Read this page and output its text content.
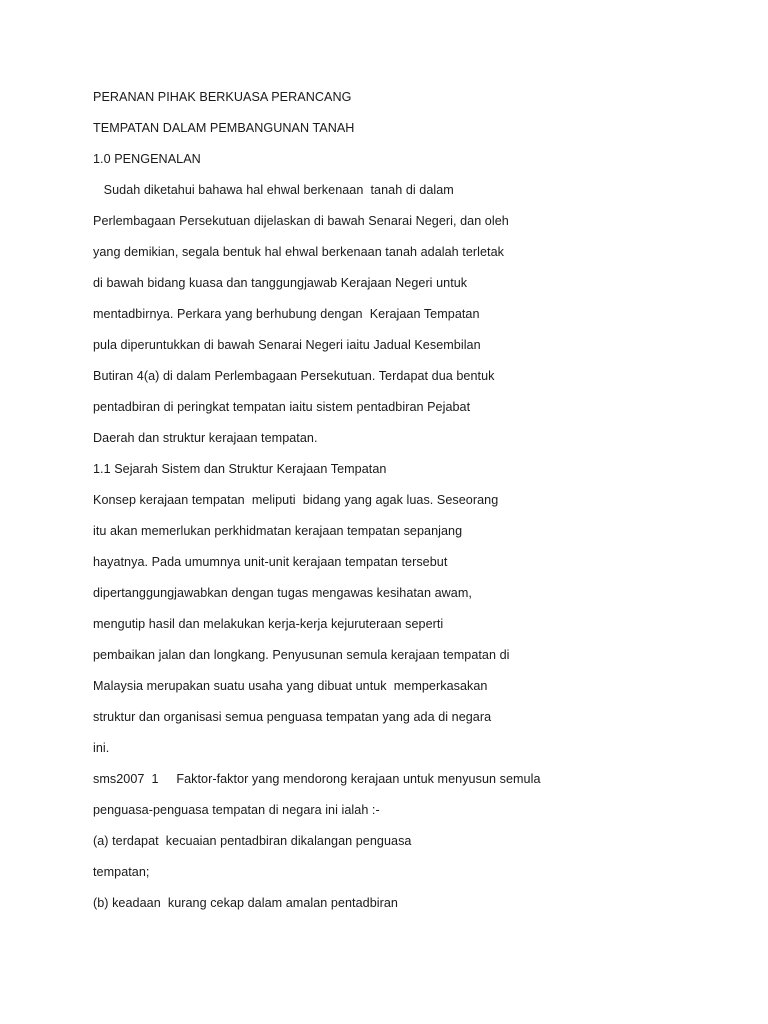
PERANAN PIHAK BERKUASA PERANCANG
TEMPATAN DALAM PEMBANGUNAN TANAH
1.0 PENGENALAN
Sudah diketahui bahawa hal ehwal berkenaan  tanah di dalam
Perlembagaan Persekutuan dijelaskan di bawah Senarai Negeri, dan oleh
yang demikian, segala bentuk hal ehwal berkenaan tanah adalah terletak
di bawah bidang kuasa dan tanggungjawab Kerajaan Negeri untuk
mentadbirnya. Perkara yang berhubung dengan  Kerajaan Tempatan
pula diperuntukkan di bawah Senarai Negeri iaitu Jadual Kesembilan
Butiran 4(a) di dalam Perlembagaan Persekutuan. Terdapat dua bentuk
pentadbiran di peringkat tempatan iaitu sistem pentadbiran Pejabat
Daerah dan struktur kerajaan tempatan.
1.1 Sejarah Sistem dan Struktur Kerajaan Tempatan
Konsep kerajaan tempatan  meliputi  bidang yang agak luas. Seseorang
itu akan memerlukan perkhidmatan kerajaan tempatan sepanjang
hayatnya. Pada umumnya unit-unit kerajaan tempatan tersebut
dipertanggungjawabkan dengan tugas mengawas kesihatan awam,
mengutip hasil dan melakukan kerja-kerja kejuruteraan seperti
pembaikan jalan dan longkang. Penyusunan semula kerajaan tempatan di
Malaysia merupakan suatu usaha yang dibuat untuk  memperkasakan
struktur dan organisasi semua penguasa tempatan yang ada di negara
ini.
sms2007  1     Faktor-faktor yang mendorong kerajaan untuk menyusun semula
penguasa-penguasa tempatan di negara ini ialah :-
(a) terdapat  kecuaian pentadbiran dikalangan penguasa
tempatan;
(b) keadaan  kurang cekap dalam amalan pentadbiran
